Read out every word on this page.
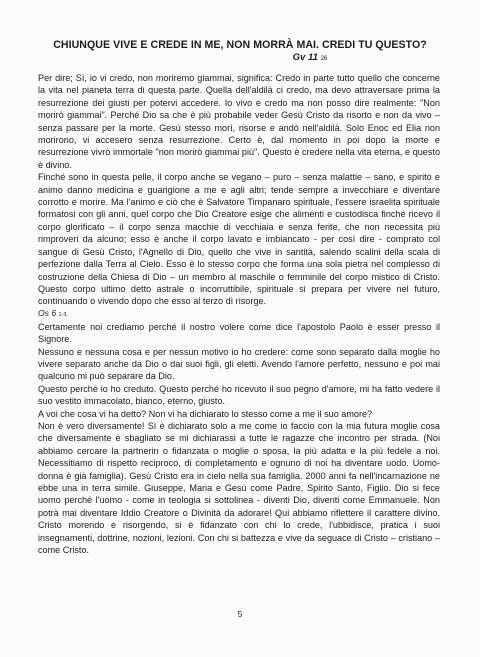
CHIUNQUE VIVE E CREDE IN ME, NON MORRÀ MAI. CREDI TU QUESTO?
Gv 11 26

Per dire; Sì, io vi credo, non moriremo giammai, significa: Credo in parte tutto quello che concerne la vita nel pianeta terra di questa parte. Quella dell'aldilà ci credo, ma devo attraversare prima la resurrezione dei giusti per potervi accedere. Io vivo e credo ma non posso dire realmente: "Non morirò giammai". Perché Dio sa che è più probabile veder Gesù Cristo da risorto e non da vivo – senza passare per la morte. Gesù stesso morì, risorse e andò nell'aldilà. Solo Enoc ed Elia non morirono, vi accesero senza resurrezione. Certo è, dal momento in poi dopo la morte e resurrezione vivrò immortale "non morirò giammai più". Questo è credere nella vita eterna, e questo è divino.

Finché sono in questa pelle, il corpo anche se vegano – puro – senza malattie – sano, e spirito e animo danno medicina e guarigione a me e agli altri; tende sempre a invecchiare e diventare corrotto e morire. Ma l'animo e ciò che è Salvatore Timpanaro spirituale, l'essere israelita spirituale formatosi con gli anni, quel corpo che Dio Creatore esige che alimenti e custodisca finché ricevo il corpo glorificato – il corpo senza macchie di vecchiaia e senza ferite, che non necessita più rimproveri da alcuno; esso è anche il corpo lavato e imbiancato - per così dire - comprato col sangue di Gesù Cristo, l'Agnello di Dio, quello che vive in santità, salendo scalini della scala di perfezione dalla Terra al Cielo. Esso è lo stesso corpo che forma una sola pietra nel complesso di costruzione della Chiesa di Dio – un membro al maschile o femminile del corpo mistico di Cristo. Questo corpo ultimo detto astrale o incorruttibile, spirituale si prepara per vivere nel futuro, continuando o vivendo dopo che esso al terzo dì risorge.

Os 6 1-3.

Certamente noi crediamo perché il nostro volere come dice l'apostolo Paolo è esser presso il Signore.

Nessuno e nessuna cosa e per nessun motivo io ho credere: come sono separato dalla moglie ho vivere separato anche da Dio o dai suoi figli, gli eletti. Avendo l'amore perfetto, nessuno e poi mai qualcuno mi può separare da Dio.

Questo perché io ho creduto. Questo perché ho ricevuto il suo pegno d'amore, mi ha fatto vedere il suo vestito immacolato, bianco, eterno, giusto.

A voi che cosa vi ha detto? Non vi ha dichiarato lo stesso come a me il suo amore?

Non è vero diversamente! Sì è dichiarato solo a me come io faccio con la mia futura moglie cosa che diversamente è sbagliato se mi dichiarassi a tutte le ragazze che incontro per strada. (Noi abbiamo cercare la partnerin o fidanzata o moglie o sposa, la più adatta e la più fedele a noi. Necessitiamo di rispetto reciproco, di completamento e ognuno di noi ha diventare uodo. Uomo-donna è già famiglia). Gesù Cristo era in cielo nella sua famiglia. 2000 anni fa nell'incarnazione ne ebbe una in terra simile. Giuseppe, Maria e Gesù come Padre, Spirito Santo, Figlio. Dio si fece uomo perché l'uomo - come in teologia si sottolinea - diventi Dio, diventi come Emmanuele. Non potrà mai diventare Iddio Creatore o Divinità da adorare! Qui abbiamo riflettere il carattere divino. Cristo morendo e risorgendo, si è fidanzato con chi lo crede, l'ubbidisce, pratica i suoi insegnamenti, dottrine, nozioni, lezioni. Con chi si battezza e vive da seguace di Cristo – cristiano – come Cristo.

5
